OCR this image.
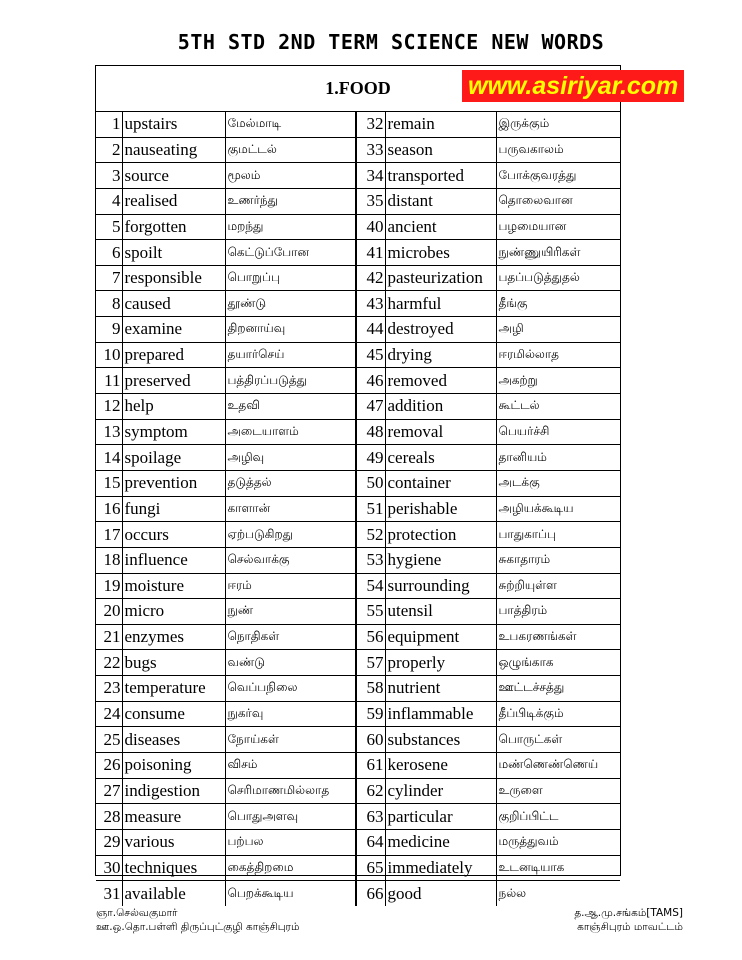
5TH STD 2ND TERM SCIENCE NEW WORDS
1.FOOD	www.asiriyar.com
1	upstairs	மேல்மாடி	32	remain	இருக்கும்
2	nauseating	குமட்டல்	33	season	பருவகாலம்
3	source	மூலம்	34	transported	போக்குவரத்து
4	realised	உணர்ந்து	35	distant	தொலைவான
5	forgotten	மறந்து	40	ancient	பழமையான
6	spoilt	கெட்டுப்போன	41	microbes	நுண்ணுயிரிகள்
7	responsible	பொறுப்பு	42	pasteurization	பதப்படுத்துதல்
8	caused	தூண்டு	43	harmful	தீங்கு
9	examine	திறனாய்வு	44	destroyed	அழி
10	prepared	தயார்செய்	45	drying	ஈரமில்லாத
11	preserved	பத்திரப்படுத்து	46	removed	அகற்று
12	help	உதவி	47	addition	கூட்டல்
13	symptom	அடையாளம்	48	removal	பெயர்ச்சி
14	spoilage	அழிவு	49	cereals	தானியம்
15	prevention	தடுத்தல்	50	container	அடக்கு
16	fungi	காளான்	51	perishable	அழியக்கூடிய
17	occurs	ஏற்படுகிறது	52	protection	பாதுகாப்பு
18	influence	செல்வாக்கு	53	hygiene	சுகாதாரம்
19	moisture	ஈரம்	54	surrounding	சுற்றியுள்ள
20	micro	நுண்	55	utensil	பாத்திரம்
21	enzymes	நொதிகள்	56	equipment	உபகரணங்கள்
22	bugs	வண்டு	57	properly	ஒழுங்காக
23	temperature	வெப்பநிலை	58	nutrient	ஊட்டச்சத்து
24	consume	நுகர்வு	59	inflammable	தீப்பிடிக்கும்
25	diseases	நோய்கள்	60	substances	பொருட்கள்
26	poisoning	விசம்	61	kerosene	மண்ணெண்ணெய்
27	indigestion	செரிமாணமில்லாத	62	cylinder	உருளை
28	measure	பொதுஅளவு	63	particular	குறிப்பிட்ட
29	various	பற்பல	64	medicine	மருத்துவம்
30	techniques	கைத்திறமை	65	immediately	உடனடியாக
31	available	பெறக்கூடிய	66	good	நல்ல
ஞா.செல்வகுமார்
ஊ.ஒ.தொ.பள்ளி திருப்புட்குழி காஞ்சிபுரம்
த.ஆ.மு.சங்கம்[TAMS]
காஞ்சிபுரம் மாவட்டம்
